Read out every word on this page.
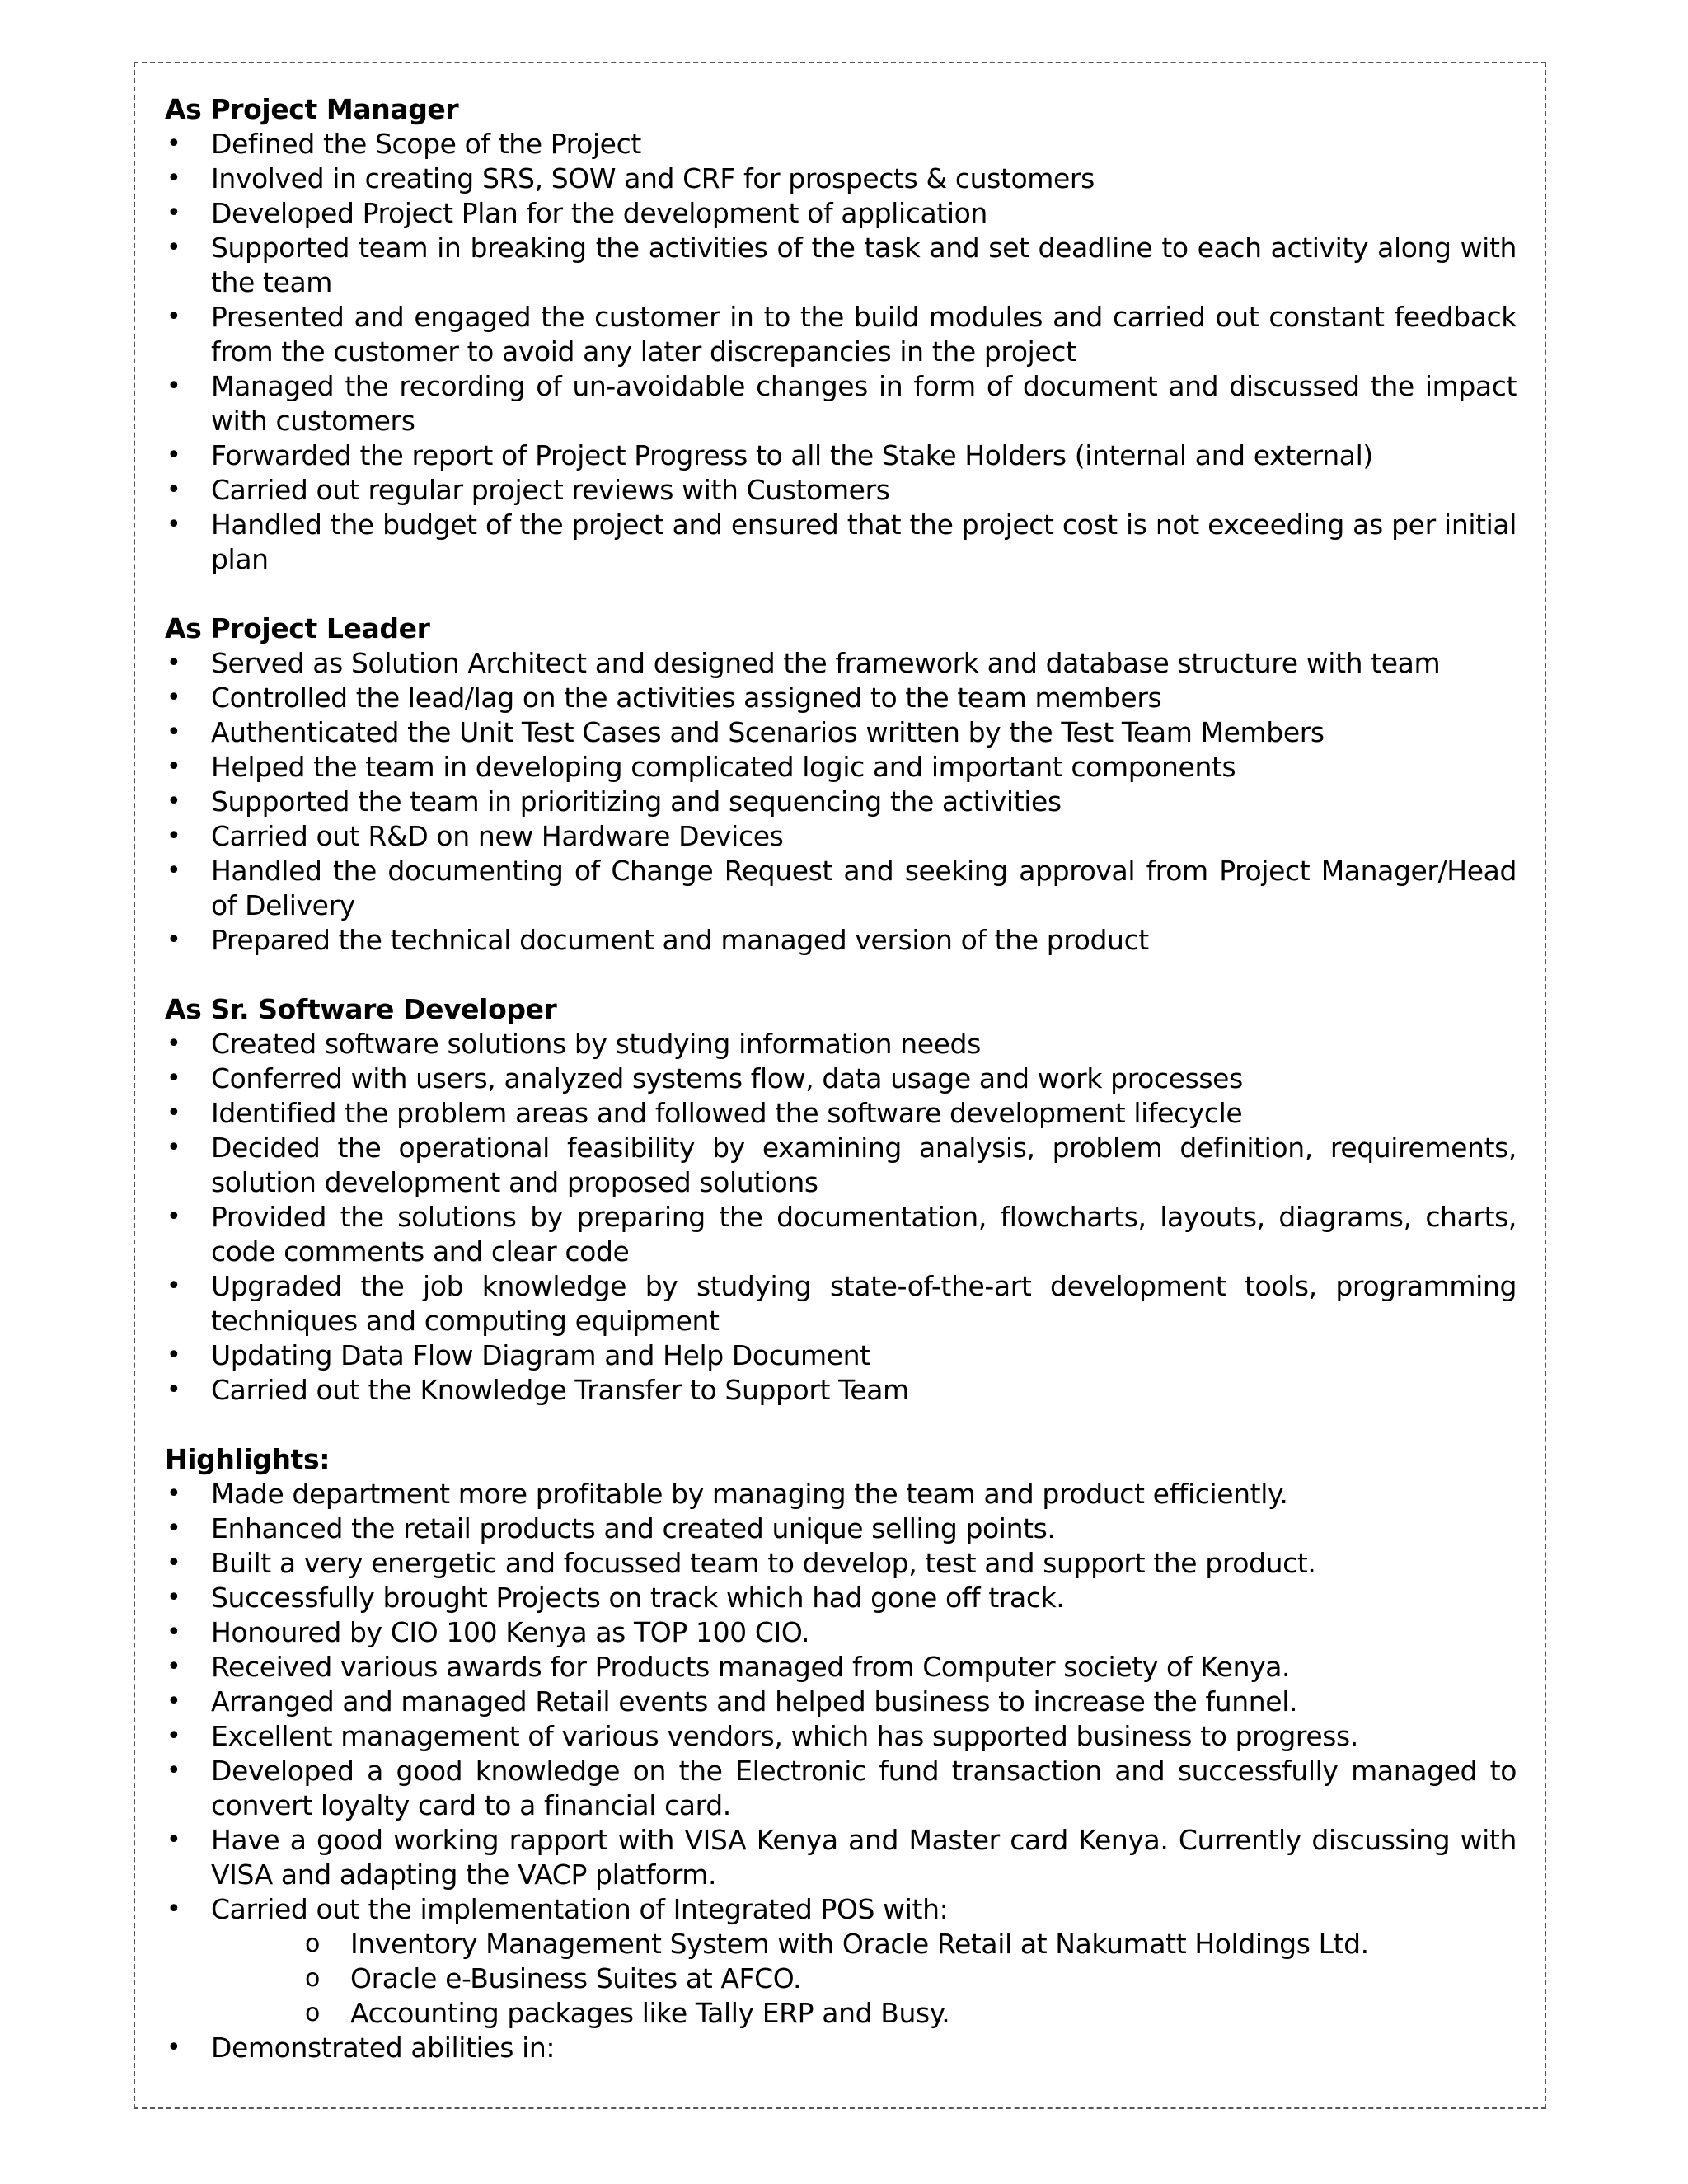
As Project Manager

• Defined the Scope of the Project
• Involved in creating SRS, SOW and CRF for prospects & customers
• Developed Project Plan for the development of application
• Supported team in breaking the activities of the task and set deadline to each activity along with the team
• Presented and engaged the customer in to the build modules and carried out constant feedback from the customer to avoid any later discrepancies in the project
• Managed the recording of un-avoidable changes in form of document and discussed the impact with customers
• Forwarded the report of Project Progress to all the Stake Holders (internal and external)
• Carried out regular project reviews with Customers
• Handled the budget of the project and ensured that the project cost is not exceeding as per initial plan

As Project Leader

• Served as Solution Architect and designed the framework and database structure with team
• Controlled the lead/lag on the activities assigned to the team members
• Authenticated the Unit Test Cases and Scenarios written by the Test Team Members
• Helped the team in developing complicated logic and important components
• Supported the team in prioritizing and sequencing the activities
• Carried out R&D on new Hardware Devices
• Handled the documenting of Change Request and seeking approval from Project Manager/Head of Delivery
• Prepared the technical document and managed version of the product

As Sr. Software Developer

• Created software solutions by studying information needs
• Conferred with users, analyzed systems flow, data usage and work processes
• Identified the problem areas and followed the software development lifecycle
• Decided the operational feasibility by examining analysis, problem definition, requirements, solution development and proposed solutions
• Provided the solutions by preparing the documentation, flowcharts, layouts, diagrams, charts, code comments and clear code
• Upgraded the job knowledge by studying state-of-the-art development tools, programming techniques and computing equipment
• Updating Data Flow Diagram and Help Document
• Carried out the Knowledge Transfer to Support Team

Highlights:

• Made department more profitable by managing the team and product efficiently.
• Enhanced the retail products and created unique selling points.
• Built a very energetic and focussed team to develop, test and support the product.
• Successfully brought Projects on track which had gone off track.
• Honoured by CIO 100 Kenya as TOP 100 CIO.
• Received various awards for Products managed from Computer society of Kenya.
• Arranged and managed Retail events and helped business to increase the funnel.
• Excellent management of various vendors, which has supported business to progress.
• Developed a good knowledge on the Electronic fund transaction and successfully managed to convert loyalty card to a financial card.
• Have a good working rapport with VISA Kenya and Master card Kenya. Currently discussing with VISA and adapting the VACP platform.
• Carried out the implementation of Integrated POS with:
o Inventory Management System with Oracle Retail at Nakumatt Holdings Ltd.
o Oracle e-Business Suites at AFCO.
o Accounting packages like Tally ERP and Busy.
• Demonstrated abilities in:
